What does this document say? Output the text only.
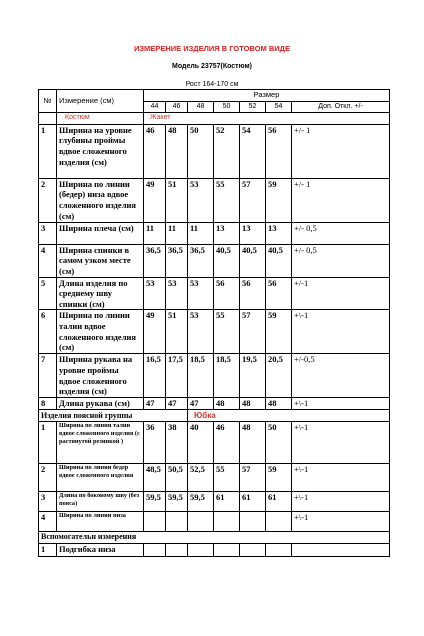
ИЗМЕРЕНИЕ ИЗДЕЛИЯ В ГОТОВОМ ВИДЕ
Модель 23757(Костюм)
Рост 164-170 см
№	Измерение (см)	Размер						
		44	46	48	50	52	54	Доп. Откл. +/-
	Костюм	Жакет						
1	Ширина на уровне глубины проймы вдвое сложенного изделия (см)	46	48	50	52	54	56	+/- 1
2	Ширина по линии (бедер) низа вдвое сложенного изделия (см)	49	51	53	55	57	59	+/- 1
3	Ширина плеча (см)	11	11	11	13	13	13	+/- 0,5
4	Ширина спинки в самом узком месте (см)	36,5	36,5	36,5	40,5	40,5	40,5	+/- 0,5
5	Длина изделия по среднему шву спинки (см)	53	53	53	56	56	56	+/-1
6	Ширина по линии талии вдвое сложенного изделия (см)	49	51	53	55	57	59	+\-1
7	Ширина рукава на уровне проймы вдвое сложенного изделия (см)	16,5	17,5	18,5	18,5	19,5	20,5	+/-0,5
8	Длина рукава (см)	47	47	47	48	48	48	+\-1
Изделия поясной группы				Юбка				
1	Ширина по линии талии вдвое сложенного изделия (с растянутой резинкой )	36	38	40	46	48	50	+\-1
2	Ширина по линии бедер вдвое сложенного изделия	48,5	50,5	52,5	55	57	59	+\-1
3	Длина по боковому шву (без пояса)	59,5	59,5	59,5	61	61	61	+\-1
4	Ширина по линии низа							+\-1
Вспомогательн измерения								
1	Подгибка низа							
